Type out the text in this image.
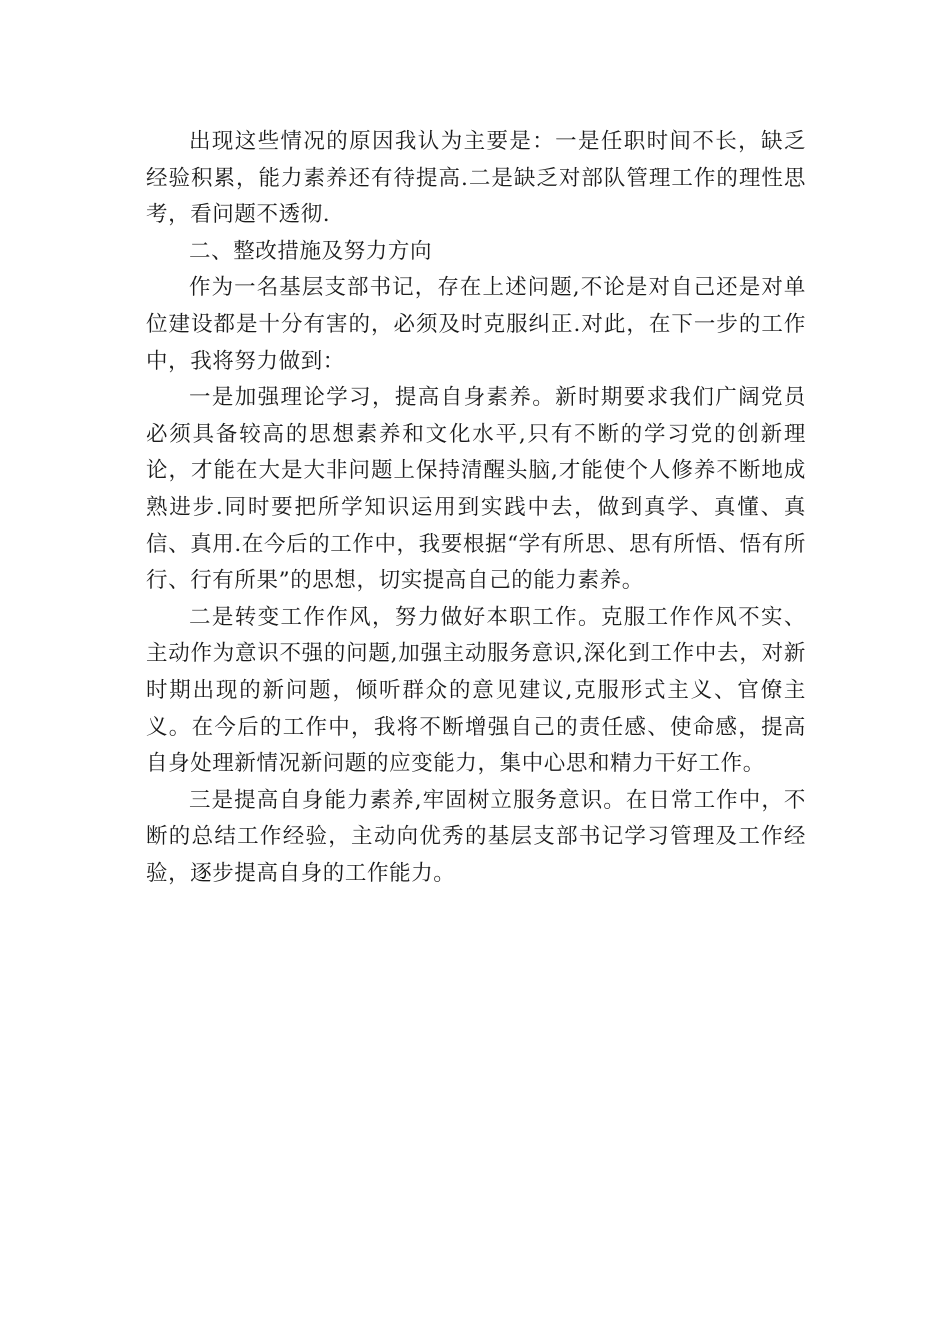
出现这些情况的原因我认为主要是：一是任职时间不长，缺乏经验积累，能力素养还有待提高.二是缺乏对部队管理工作的理性思考，看问题不透彻.

二、整改措施及努力方向

作为一名基层支部书记，存在上述问题,不论是对自己还是对单位建设都是十分有害的，必须及时克服纠正.对此，在下一步的工作中，我将努力做到：

一是加强理论学习，提高自身素养。新时期要求我们广阔党员必须具备较高的思想素养和文化水平,只有不断的学习党的创新理论，才能在大是大非问题上保持清醒头脑,才能使个人修养不断地成熟进步.同时要把所学知识运用到实践中去，做到真学、真懂、真信、真用.在今后的工作中，我要根据“学有所思、思有所悟、悟有所行、行有所果”的思想，切实提高自己的能力素养。

二是转变工作作风，努力做好本职工作。克服工作作风不实、主动作为意识不强的问题,加强主动服务意识,深化到工作中去，对新时期出现的新问题，倾听群众的意见建议,克服形式主义、官僚主义。在今后的工作中，我将不断增强自己的责任感、使命感，提高自身处理新情况新问题的应变能力，集中心思和精力干好工作。

三是提高自身能力素养,牢固树立服务意识。在日常工作中，不断的总结工作经验，主动向优秀的基层支部书记学习管理及工作经验，逐步提高自身的工作能力。
